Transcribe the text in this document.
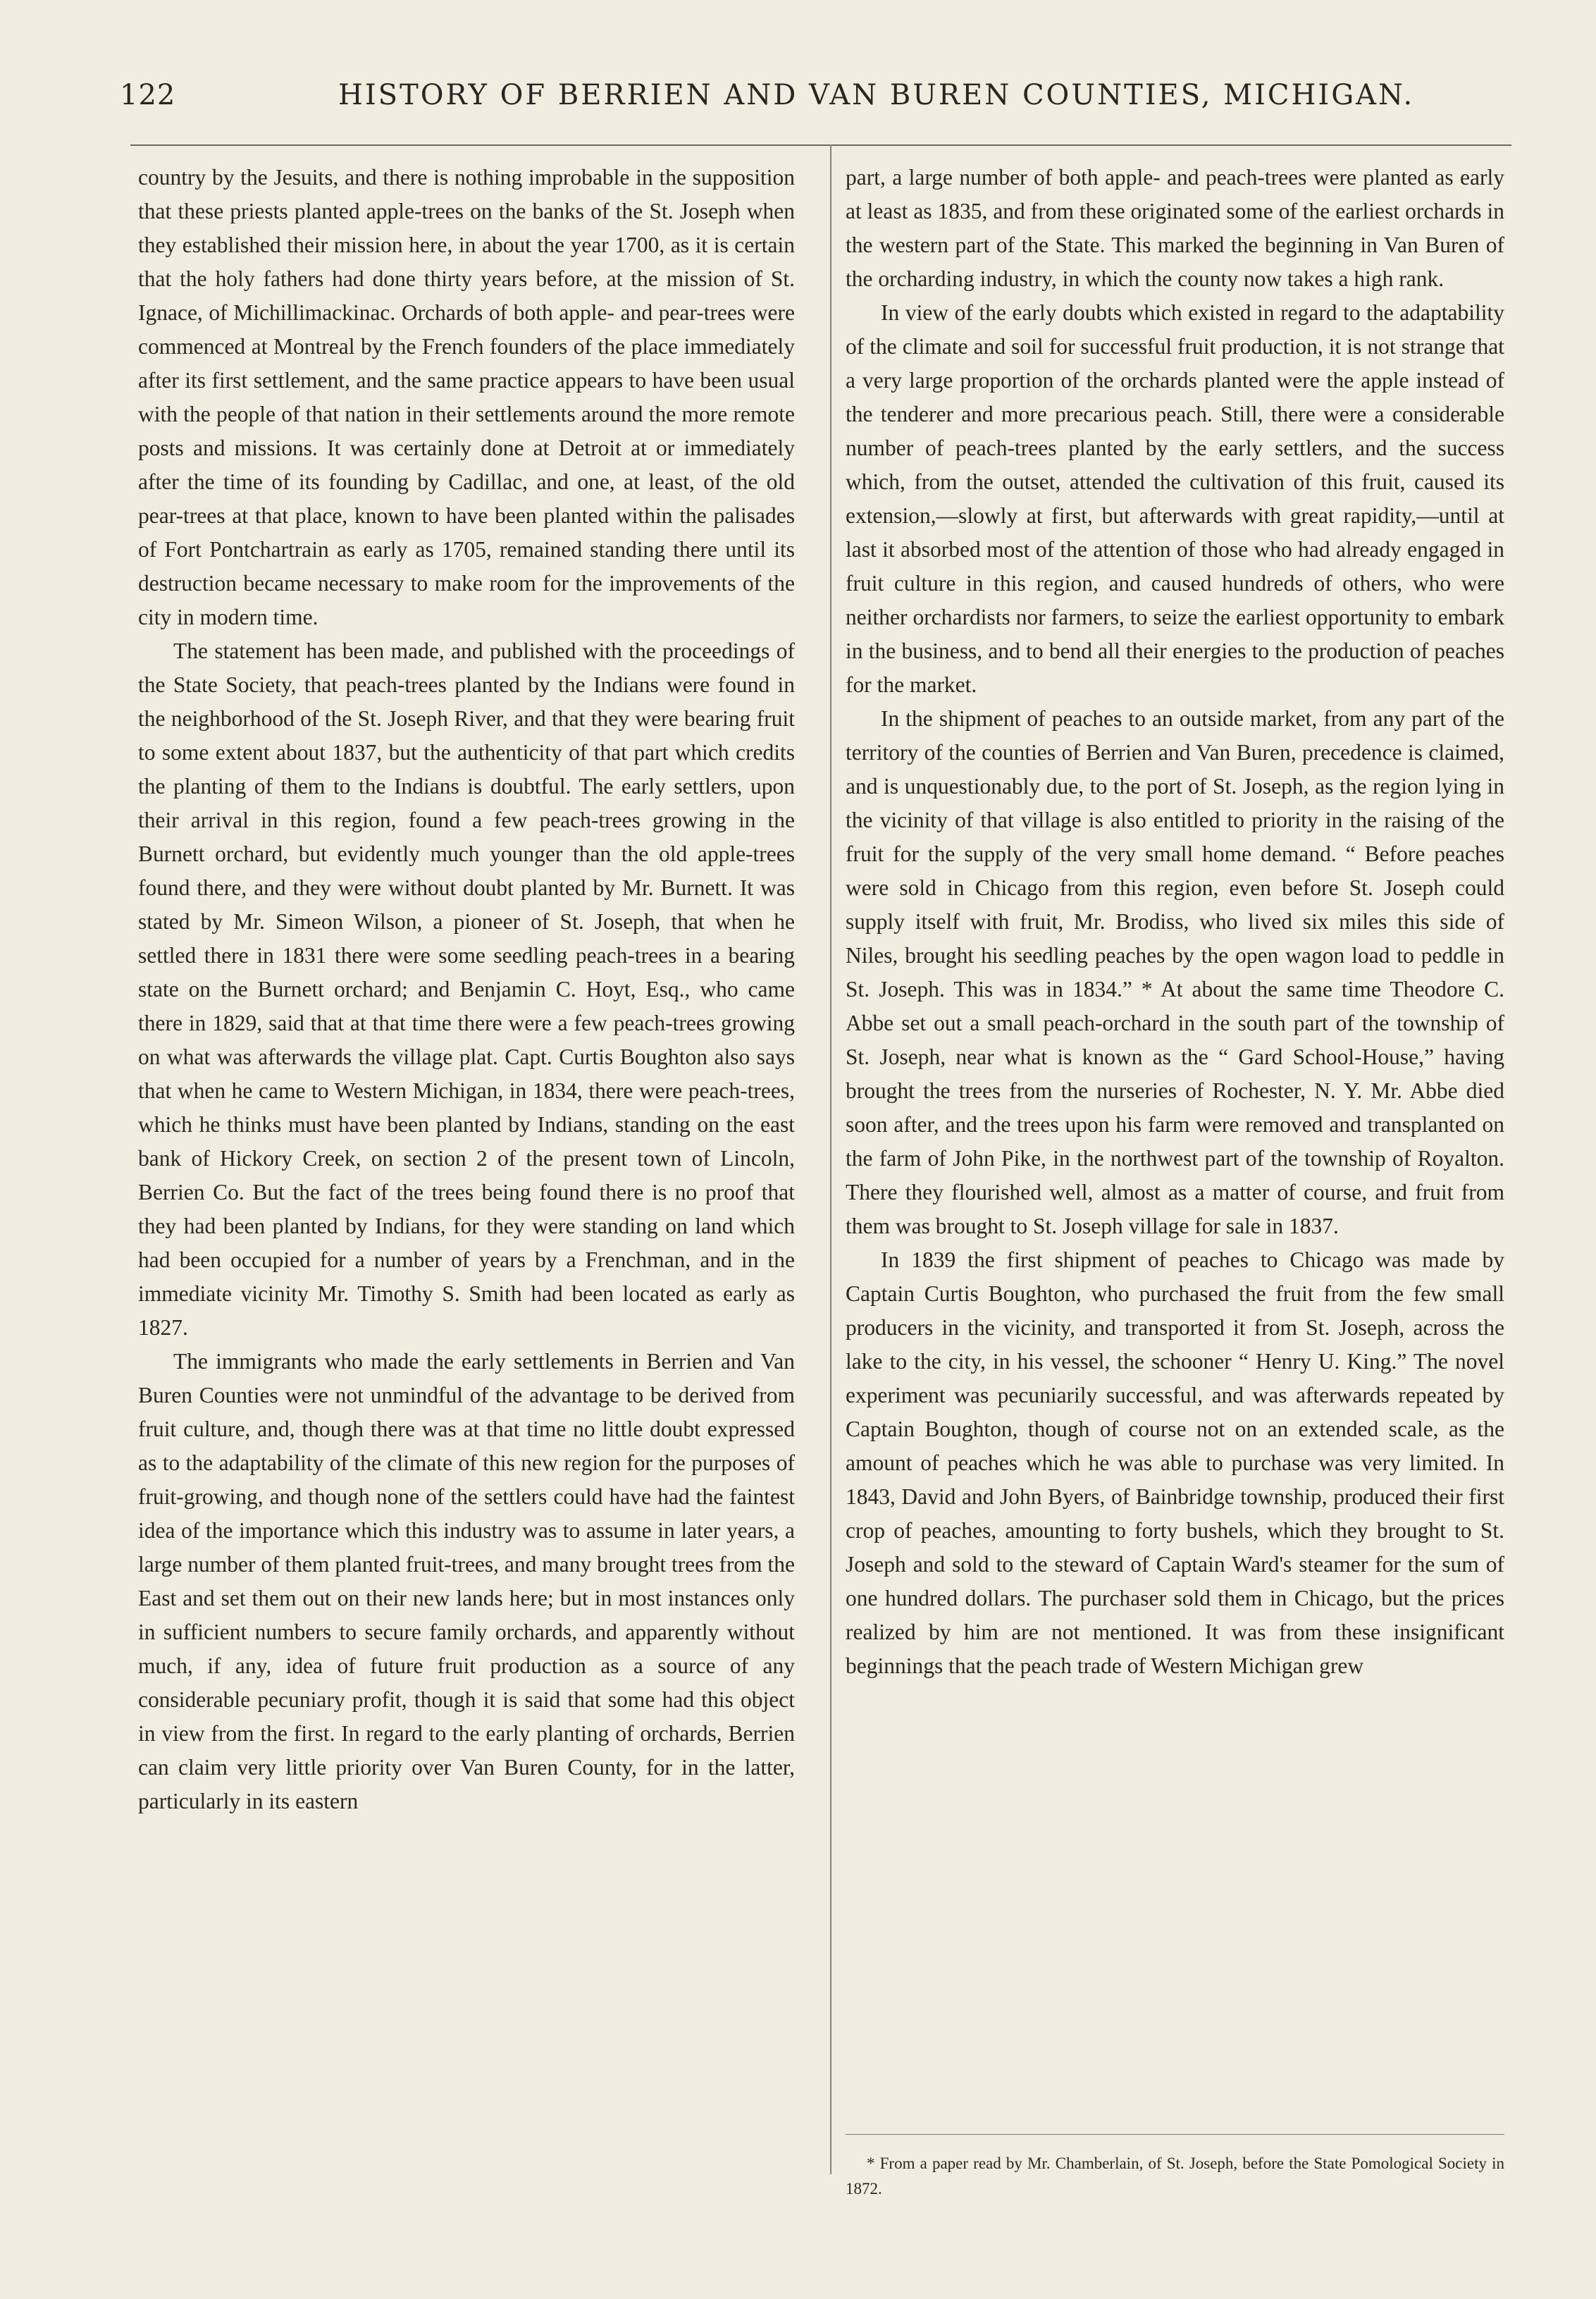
122	HISTORY OF BERRIEN AND VAN BUREN COUNTIES, MICHIGAN.

country by the Jesuits, and there is nothing improbable in the supposition that these priests planted apple-trees on the banks of the St. Joseph when they established their mission here, in about the year 1700, as it is certain that the holy fathers had done thirty years before, at the mission of St. Ignace, of Michillimackinac. Orchards of both apple- and pear-trees were commenced at Montreal by the French founders of the place immediately after its first settlement, and the same practice appears to have been usual with the people of that nation in their settlements around the more remote posts and missions. It was certainly done at Detroit at or immediately after the time of its founding by Cadillac, and one, at least, of the old pear-trees at that place, known to have been planted within the palisades of Fort Pontchartrain as early as 1705, remained standing there until its destruction became necessary to make room for the improvements of the city in modern time.

The statement has been made, and published with the proceedings of the State Society, that peach-trees planted by the Indians were found in the neighborhood of the St. Joseph River, and that they were bearing fruit to some extent about 1837, but the authenticity of that part which credits the planting of them to the Indians is doubtful. The early settlers, upon their arrival in this region, found a few peach-trees growing in the Burnett orchard, but evidently much younger than the old apple-trees found there, and they were without doubt planted by Mr. Burnett. It was stated by Mr. Simeon Wilson, a pioneer of St. Joseph, that when he settled there in 1831 there were some seedling peach-trees in a bearing state on the Burnett orchard; and Benjamin C. Hoyt, Esq., who came there in 1829, said that at that time there were a few peach-trees growing on what was afterwards the village plat. Capt. Curtis Boughton also says that when he came to Western Michigan, in 1834, there were peach-trees, which he thinks must have been planted by Indians, standing on the east bank of Hickory Creek, on section 2 of the present town of Lincoln, Berrien Co. But the fact of the trees being found there is no proof that they had been planted by Indians, for they were standing on land which had been occupied for a number of years by a Frenchman, and in the immediate vicinity Mr. Timothy S. Smith had been located as early as 1827.

The immigrants who made the early settlements in Berrien and Van Buren Counties were not unmindful of the advantage to be derived from fruit culture, and, though there was at that time no little doubt expressed as to the adaptability of the climate of this new region for the purposes of fruit-growing, and though none of the settlers could have had the faintest idea of the importance which this industry was to assume in later years, a large number of them planted fruit-trees, and many brought trees from the East and set them out on their new lands here; but in most instances only in sufficient numbers to secure family orchards, and apparently without much, if any, idea of future fruit production as a source of any considerable pecuniary profit, though it is said that some had this object in view from the first. In regard to the early planting of orchards, Berrien can claim very little priority over Van Buren County, for in the latter, particularly in its eastern

part, a large number of both apple- and peach-trees were planted as early at least as 1835, and from these originated some of the earliest orchards in the western part of the State. This marked the beginning in Van Buren of the orcharding industry, in which the county now takes a high rank.

In view of the early doubts which existed in regard to the adaptability of the climate and soil for successful fruit production, it is not strange that a very large proportion of the orchards planted were the apple instead of the tenderer and more precarious peach. Still, there were a considerable number of peach-trees planted by the early settlers, and the success which, from the outset, attended the cultivation of this fruit, caused its extension,—slowly at first, but afterwards with great rapidity,—until at last it absorbed most of the attention of those who had already engaged in fruit culture in this region, and caused hundreds of others, who were neither orchardists nor farmers, to seize the earliest opportunity to embark in the business, and to bend all their energies to the production of peaches for the market.

In the shipment of peaches to an outside market, from any part of the territory of the counties of Berrien and Van Buren, precedence is claimed, and is unquestionably due, to the port of St. Joseph, as the region lying in the vicinity of that village is also entitled to priority in the raising of the fruit for the supply of the very small home demand. “ Before peaches were sold in Chicago from this region, even before St. Joseph could supply itself with fruit, Mr. Brodiss, who lived six miles this side of Niles, brought his seedling peaches by the open wagon load to peddle in St. Joseph. This was in 1834.” * At about the same time Theodore C. Abbe set out a small peach-orchard in the south part of the township of St. Joseph, near what is known as the “ Gard School-House,” having brought the trees from the nurseries of Rochester, N. Y. Mr. Abbe died soon after, and the trees upon his farm were removed and transplanted on the farm of John Pike, in the northwest part of the township of Royalton. There they flourished well, almost as a matter of course, and fruit from them was brought to St. Joseph village for sale in 1837.

In 1839 the first shipment of peaches to Chicago was made by Captain Curtis Boughton, who purchased the fruit from the few small producers in the vicinity, and transported it from St. Joseph, across the lake to the city, in his vessel, the schooner “ Henry U. King.” The novel experiment was pecuniarily successful, and was afterwards repeated by Captain Boughton, though of course not on an extended scale, as the amount of peaches which he was able to purchase was very limited. In 1843, David and John Byers, of Bainbridge township, produced their first crop of peaches, amounting to forty bushels, which they brought to St. Joseph and sold to the steward of Captain Ward's steamer for the sum of one hundred dollars. The purchaser sold them in Chicago, but the prices realized by him are not mentioned. It was from these insignificant beginnings that the peach trade of Western Michigan grew

* From a paper read by Mr. Chamberlain, of St. Joseph, before the State Pomological Society in 1872.
